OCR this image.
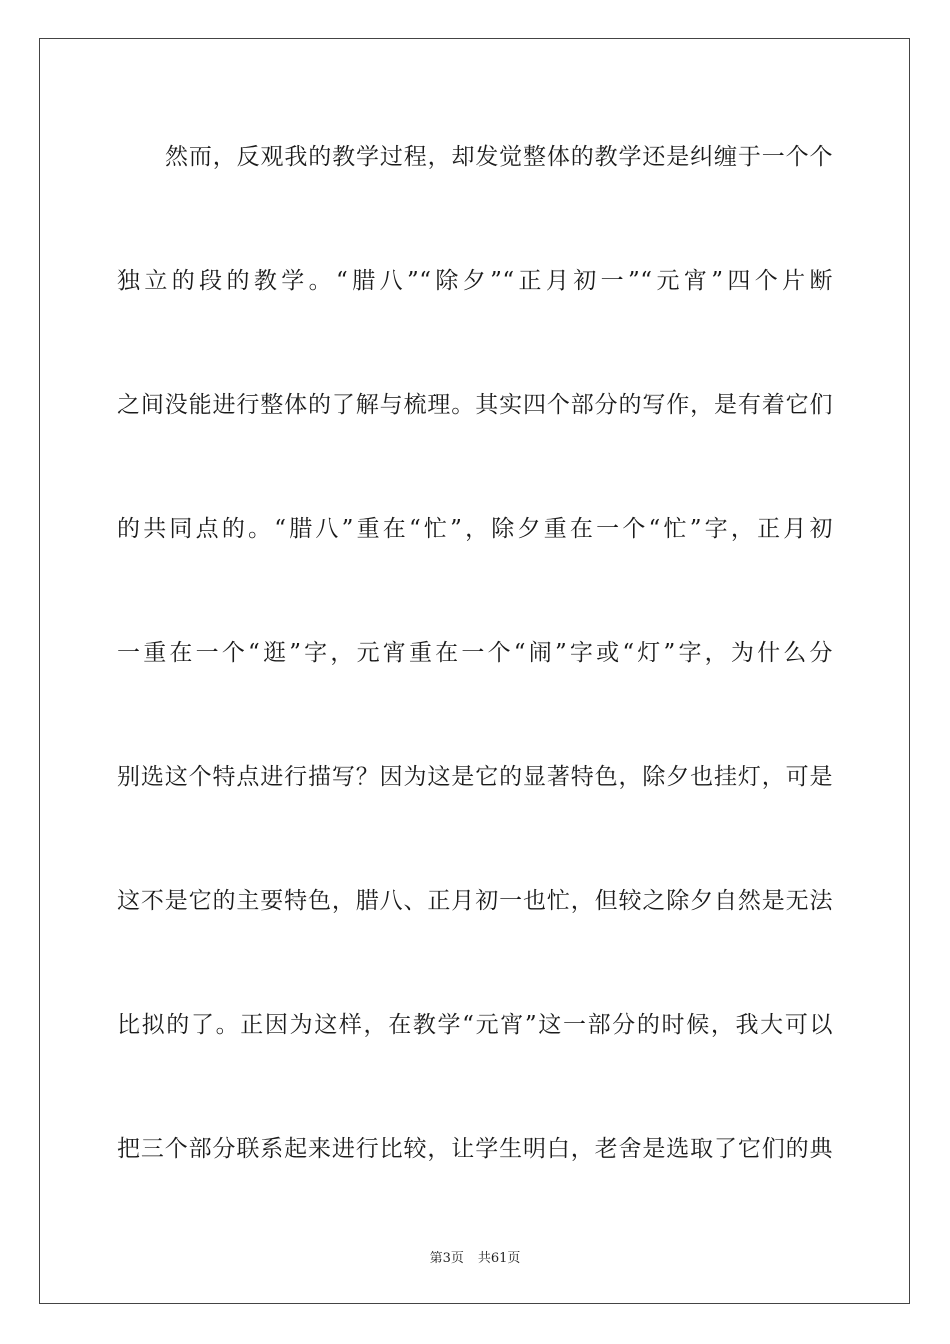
然而，反观我的教学过程，却发觉整体的教学还是纠缠于一个个
独立的段的教学。“腊八”“除夕”“正月初一”“元宵”四个片断
之间没能进行整体的了解与梳理。其实四个部分的写作，是有着它们
的共同点的。“腊八”重在“忙”，除夕重在一个“忙”字，正月初
一重在一个“逛”字，元宵重在一个“闹”字或“灯”字，为什么分
别选这个特点进行描写？因为这是它的显著特色，除夕也挂灯，可是
这不是它的主要特色，腊八、正月初一也忙，但较之除夕自然是无法
比拟的了。正因为这样，在教学“元宵”这一部分的时候，我大可以
把三个部分联系起来进行比较，让学生明白，老舍是选取了它们的典
第3页 共61页
